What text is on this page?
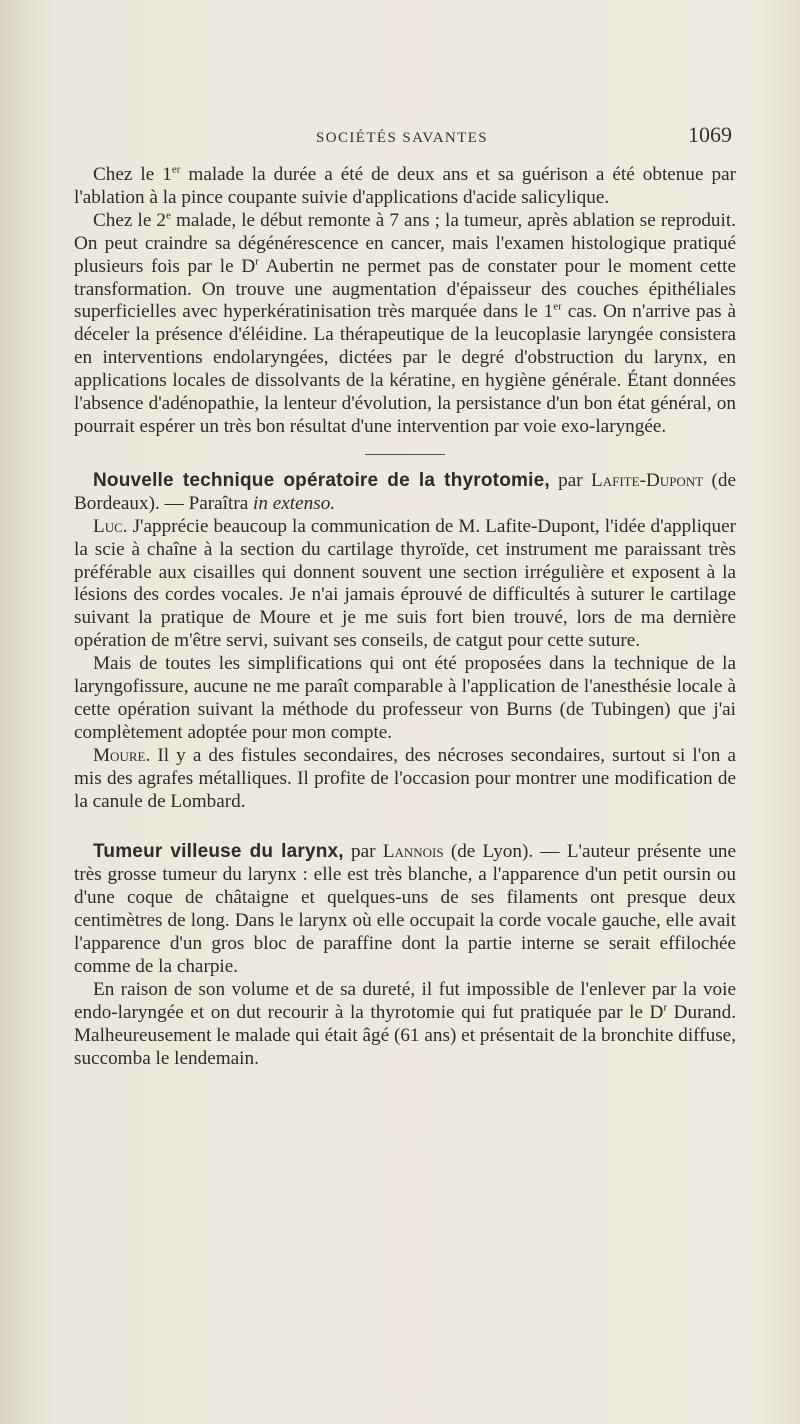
SOCIÉTÉS SAVANTES	1069

Chez le 1er malade la durée a été de deux ans et sa guérison a été obtenue par l'ablation à la pince coupante suivie d'applications d'acide salicylique.

Chez le 2e malade, le début remonte à 7 ans ; la tumeur, après ablation se reproduit. On peut craindre sa dégénérescence en cancer, mais l'examen histologique pratiqué plusieurs fois par le $D^r$ Aubertin ne permet pas de constater pour le moment cette transformation. On trouve une augmentation d'épaisseur des couches épithéliales superficielles avec hyperkératinisation très marquée dans le 1er cas. On n'arrive pas à déceler la présence d'éléidine. La thérapeutique de la leucoplasie laryngée consistera en interventions endolaryngées, dictées par le degré d'obstruction du larynx, en applications locales de dissolvants de la kératine, en hygiène générale. Étant données l'absence d'adénopathie, la lenteur d'évolution, la persistance d'un bon état général, on pourrait espérer un très bon résultat d'une intervention par voie exo-laryngée.

Nouvelle technique opératoire de la thyrotomie, par Lafite-Dupont (de Bordeaux). — Paraîtra in extenso.

Luc. J'apprécie beaucoup la communication de M. Lafite-Dupont, l'idée d'appliquer la scie à chaîne à la section du cartilage thyroïde, cet instrument me paraissant très préférable aux cisailles qui donnent souvent une section irrégulière et exposent à la lésions des cordes vocales. Je n'ai jamais éprouvé de difficultés à suturer le cartilage suivant la pratique de Moure et je me suis fort bien trouvé, lors de ma dernière opération de m'être servi, suivant ses conseils, de catgut pour cette suture.

Mais de toutes les simplifications qui ont été proposées dans la technique de la laryngofissure, aucune ne me paraît comparable à l'application de l'anesthésie locale à cette opération suivant la méthode du professeur von Burns (de Tubingen) que j'ai complètement adoptée pour mon compte.

Moure. Il y a des fistules secondaires, des nécroses secondaires, surtout si l'on a mis des agrafes métalliques. Il profite de l'occasion pour montrer une modification de la canule de Lombard.

Tumeur villeuse du larynx, par Lannois (de Lyon). — L'auteur présente une très grosse tumeur du larynx : elle est très blanche, a l'apparence d'un petit oursin ou d'une coque de châtaigne et quelques-uns de ses filaments ont presque deux centimètres de long. Dans le larynx où elle occupait la corde vocale gauche, elle avait l'apparence d'un gros bloc de paraffine dont la partie interne se serait effilochée comme de la charpie.

En raison de son volume et de sa dureté, il fut impossible de l'enlever par la voie endo-laryngée et on dut recourir à la thyrotomie qui fut pratiquée par le $D^r$ Durand. Malheureusement le malade qui était âgé (61 ans) et présentait de la bronchite diffuse, succomba le lendemain.
